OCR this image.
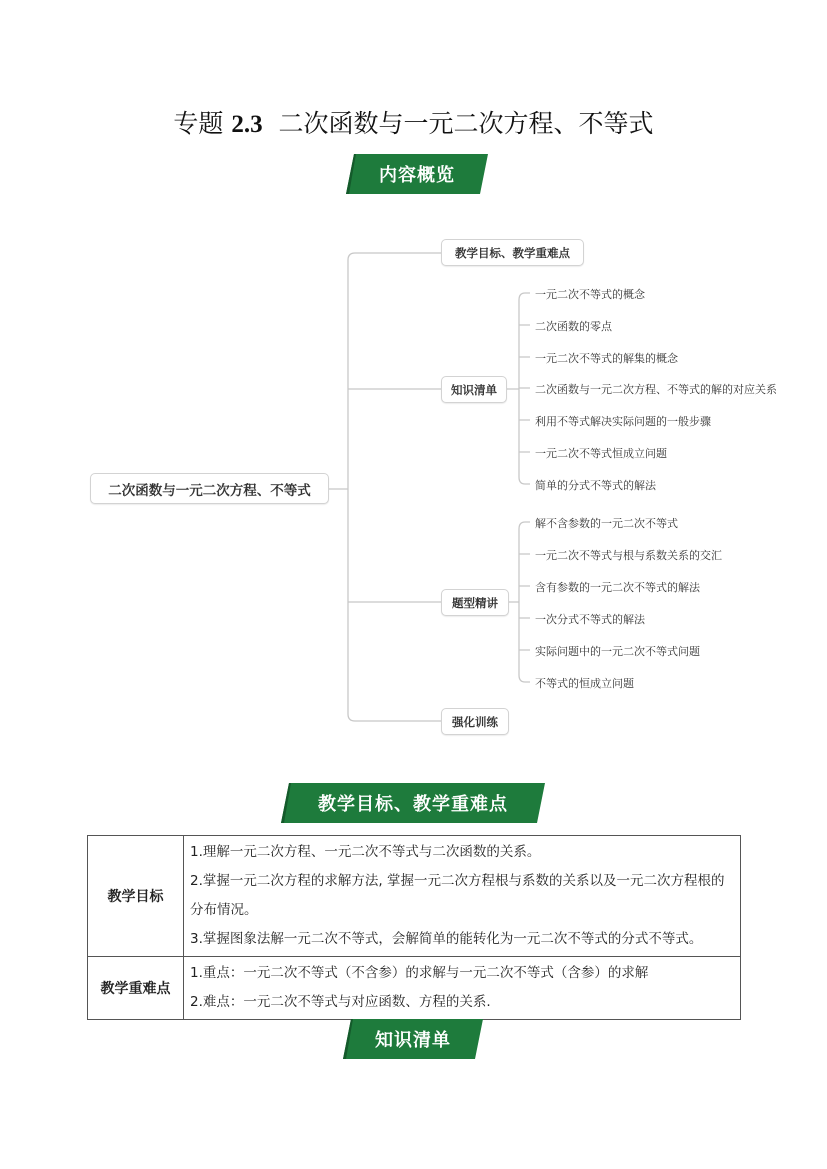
专题 2.3 二次函数与一元二次方程、不等式
内容概览
二次函数与一元二次方程、不等式
教学目标、教学重难点
知识清单
题型精讲
强化训练
一元二次不等式的概念
二次函数的零点
一元二次不等式的解集的概念
二次函数与一元二次方程、不等式的解的对应关系
利用不等式解决实际问题的一般步骤
一元二次不等式恒成立问题
简单的分式不等式的解法
解不含参数的一元二次不等式
一元二次不等式与根与系数关系的交汇
含有参数的一元二次不等式的解法
一次分式不等式的解法
实际问题中的一元二次不等式问题
不等式的恒成立问题
教学目标、教学重难点
教学目标	1.理解一元二次方程、一元二次不等式与二次函数的关系。
2.掌握一元二次方程的求解方法, 掌握一元二次方程根与系数的关系以及一元二次方程根的分布情况。
3.掌握图象法解一元二次不等式，会解简单的能转化为一元二次不等式的分式不等式。

教学重难点	1.重点：一元二次不等式（不含参）的求解与一元二次不等式（含参）的求解
2.难点：一元二次不等式与对应函数、方程的关系.
知识清单
